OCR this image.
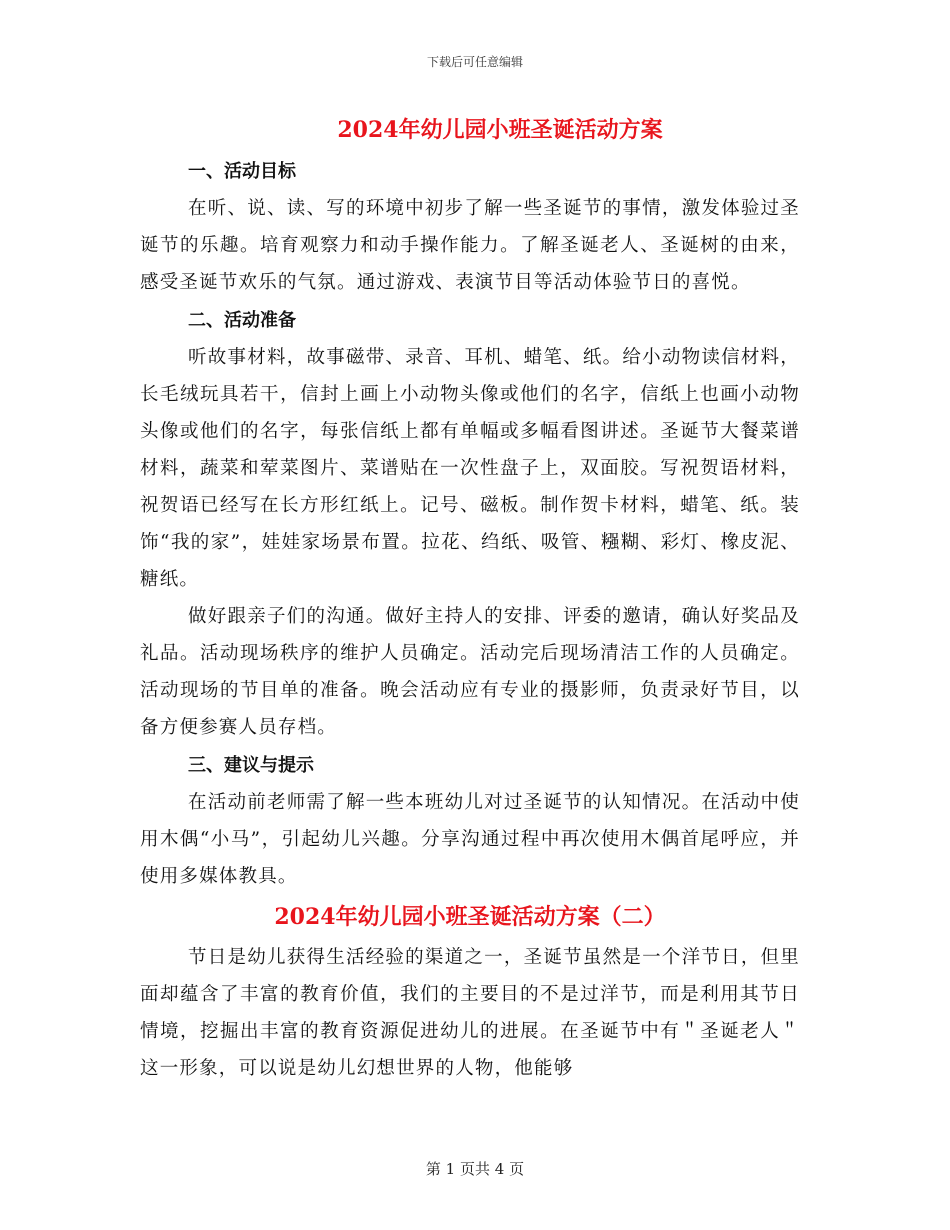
下载后可任意编辑
2024年幼儿园小班圣诞活动方案
一、活动目标

在听、说、读、写的环境中初步了解一些圣诞节的事情，激发体验过圣诞节的乐趣。培育观察力和动手操作能力。了解圣诞老人、圣诞树的由来，感受圣诞节欢乐的气氛。通过游戏、表演节目等活动体验节日的喜悦。

二、活动准备

听故事材料，故事磁带、录音、耳机、蜡笔、纸。给小动物读信材料，长毛绒玩具若干，信封上画上小动物头像或他们的名字，信纸上也画小动物头像或他们的名字，每张信纸上都有单幅或多幅看图讲述。圣诞节大餐菜谱材料，蔬菜和荤菜图片、菜谱贴在一次性盘子上，双面胶。写祝贺语材料，祝贺语已经写在长方形红纸上。记号、磁板。制作贺卡材料，蜡笔、纸。装饰“我的家”，娃娃家场景布置。拉花、绉纸、吸管、糨糊、彩灯、橡皮泥、糖纸。

做好跟亲子们的沟通。做好主持人的安排、评委的邀请，确认好奖品及礼品。活动现场秩序的维护人员确定。活动完后现场清洁工作的人员确定。活动现场的节目单的准备。晚会活动应有专业的摄影师，负责录好节目，以备方便参赛人员存档。

三、建议与提示

在活动前老师需了解一些本班幼儿对过圣诞节的认知情况。在活动中使用木偶“小马”，引起幼儿兴趣。分享沟通过程中再次使用木偶首尾呼应，并使用多媒体教具。

2024年幼儿园小班圣诞活动方案（二）

节日是幼儿获得生活经验的渠道之一，圣诞节虽然是一个洋节日，但里面却蕴含了丰富的教育价值，我们的主要目的不是过洋节，而是利用其节日情境，挖掘出丰富的教育资源促进幼儿的进展。在圣诞节中有＂圣诞老人＂这一形象，可以说是幼儿幻想世界的人物，他能够

第 1 页共 4 页
